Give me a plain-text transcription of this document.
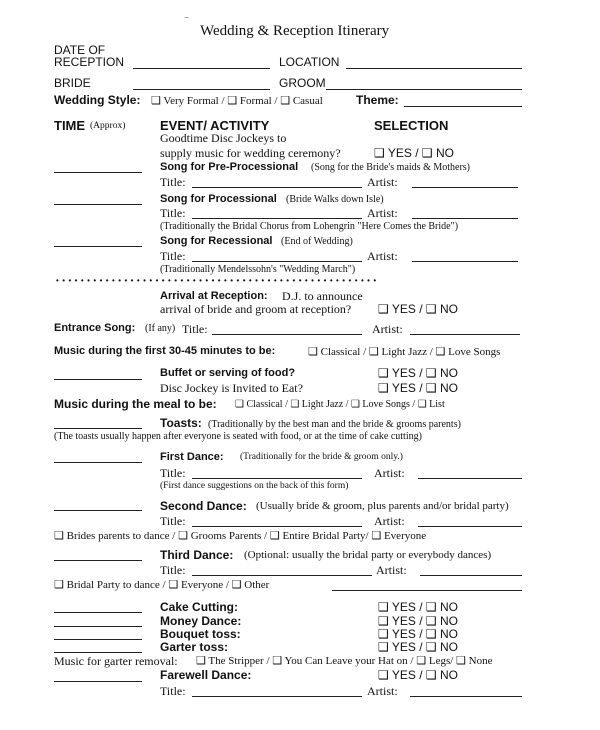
‾ Wedding & Reception Itinerary
DATE OF
RECEPTION	LOCATION
BRIDE	GROOM
Wedding Style: ❑ Very Formal / ❑ Formal / ❑ Casual	Theme:
TIME (Approx)	EVENT/ ACTIVITY	SELECTION
Goodtime Disc Jockeys to
supply music for wedding ceremony?	❑ YES / ❑ NO
Song for Pre-Processional (Song for the Bride's maids & Mothers)
Title:	Artist:
Song for Processional (Bride Walks down Isle)
Title:	Artist:
(Traditionally the Bridal Chorus from Lohengrin "Here Comes the Bride")
Song for Recessional (End of Wedding)
Title:	Artist:
(Traditionally Mendelssohn's "Wedding March")
• • • • • • • • • • • • • • • • • • • • • • • • • • • • • • • • • • • • • • • • • • • • • • • • • • • •
Arrival at Reception: D.J. to announce
arrival of bride and groom at reception? ❑ YES / ❑ NO
Entrance Song: (If any) Title:	Artist:
Music during the first 30-45 minutes to be:	❑ Classical / ❑ Light Jazz / ❑ Love Songs
Buffet or serving of food?	❑ YES / ❑ NO
Disc Jockey is Invited to Eat?	❑ YES / ❑ NO
Music during the meal to be: ❑ Classical / ❑ Light Jazz / ❑ Love Songs / ❑ List
Toasts: (Traditionally by the best man and the bride & grooms parents)
(The toasts usually happen after everyone is seated with food, or at the time of cake cutting)
First Dance: (Traditionally for the bride & groom only.)
Title:	Artist:
(First dance suggestions on the back of this form)
Second Dance: (Usually bride & groom, plus parents and/or bridal party)
Title:	Artist:
❑ Brides parents to dance / ❑ Grooms Parents / ❑ Entire Bridal Party/ ❑ Everyone
Third Dance: (Optional: usually the bridal party or everybody dances)
Title:	Artist:
❑ Bridal Party to dance / ❑ Everyone / ❑ Other
Cake Cutting:	❑ YES / ❑ NO
Money Dance:	❑ YES / ❑ NO
Bouquet toss:	❑ YES / ❑ NO
Garter toss:	❑ YES / ❑ NO
Music for garter removal: ❑ The Stripper / ❑ You Can Leave your Hat on / ❑ Legs/ ❑ None
Farewell Dance:	❑ YES / ❑ NO
Title:	Artist:
